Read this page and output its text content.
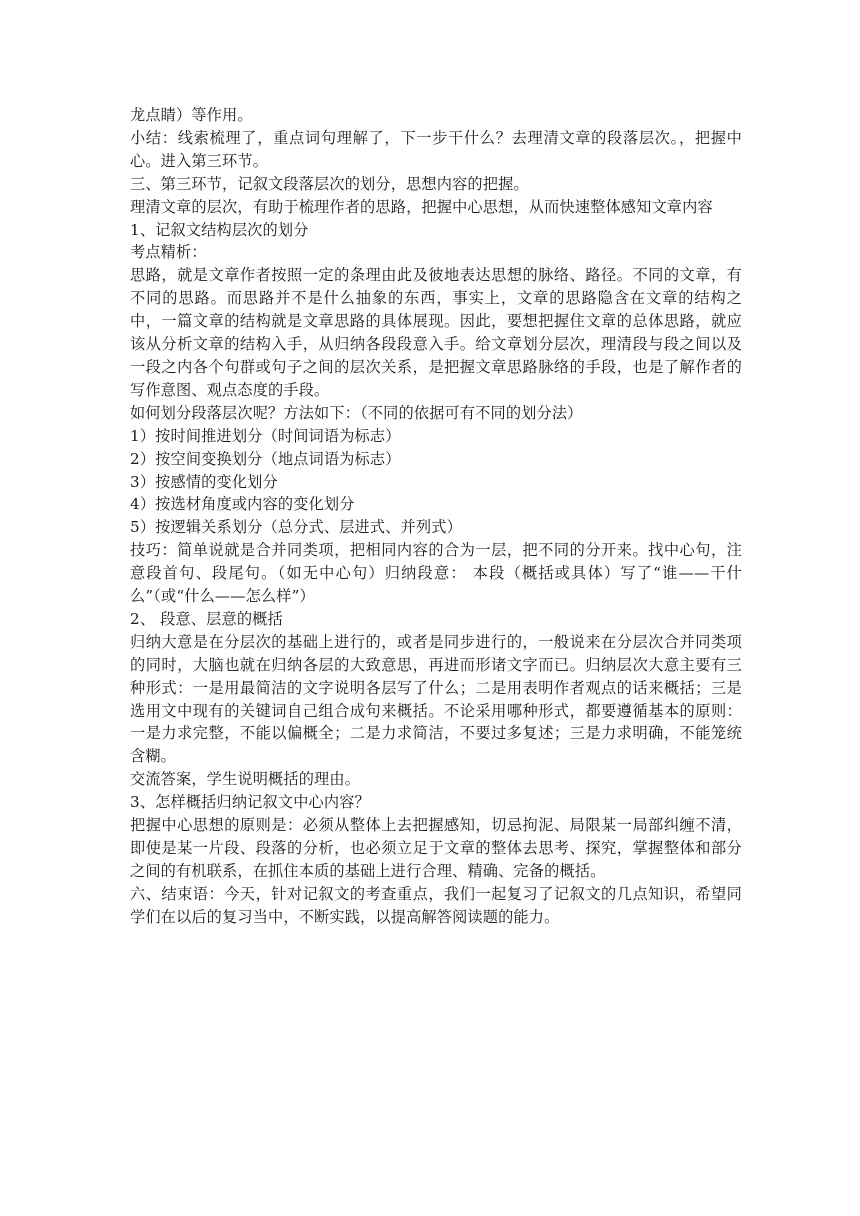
龙点睛）等作用。

小结：线索梳理了，重点词句理解了，下一步干什么？去理清文章的段落层次。，把握中心。进入第三环节。

三、第三环节，记叙文段落层次的划分，思想内容的把握。

理清文章的层次，有助于梳理作者的思路，把握中心思想，从而快速整体感知文章内容

1、记叙文结构层次的划分

考点精析：

思路，就是文章作者按照一定的条理由此及彼地表达思想的脉络、路径。不同的文章，有不同的思路。而思路并不是什么抽象的东西，事实上，文章的思路隐含在文章的结构之中，一篇文章的结构就是文章思路的具体展现。因此，要想把握住文章的总体思路，就应该从分析文章的结构入手，从归纳各段段意入手。给文章划分层次，理清段与段之间以及一段之内各个句群或句子之间的层次关系，是把握文章思路脉络的手段，也是了解作者的写作意图、观点态度的手段。

如何划分段落层次呢？方法如下：（不同的依据可有不同的划分法）

1）按时间推进划分（时间词语为标志）

2）按空间变换划分（地点词语为标志）

3）按感情的变化划分

4）按选材角度或内容的变化划分

5）按逻辑关系划分（总分式、层进式、并列式）

技巧：简单说就是合并同类项，把相同内容的合为一层，把不同的分开来。找中心句，注意段首句、段尾句。（如无中心句）归纳段意： 本段（概括或具体）写了“谁——干什么”（或“什么——怎么样”）

2、 段意、层意的概括

归纳大意是在分层次的基础上进行的，或者是同步进行的，一般说来在分层次合并同类项的同时，大脑也就在归纳各层的大致意思，再进而形诸文字而已。归纳层次大意主要有三种形式：一是用最简洁的文字说明各层写了什么；二是用表明作者观点的话来概括；三是选用文中现有的关键词自己组合成句来概括。不论采用哪种形式，都要遵循基本的原则：一是力求完整，不能以偏概全；二是力求简洁，不要过多复述；三是力求明确，不能笼统含糊。

交流答案，学生说明概括的理由。

3、怎样概括归纳记叙文中心内容？

把握中心思想的原则是：必须从整体上去把握感知，切忌拘泥、局限某一局部纠缠不清，即使是某一片段、段落的分析，也必须立足于文章的整体去思考、探究，掌握整体和部分之间的有机联系，在抓住本质的基础上进行合理、精确、完备的概括。

六、结束语：今天，针对记叙文的考查重点，我们一起复习了记叙文的几点知识，希望同学们在以后的复习当中，不断实践，以提高解答阅读题的能力。
